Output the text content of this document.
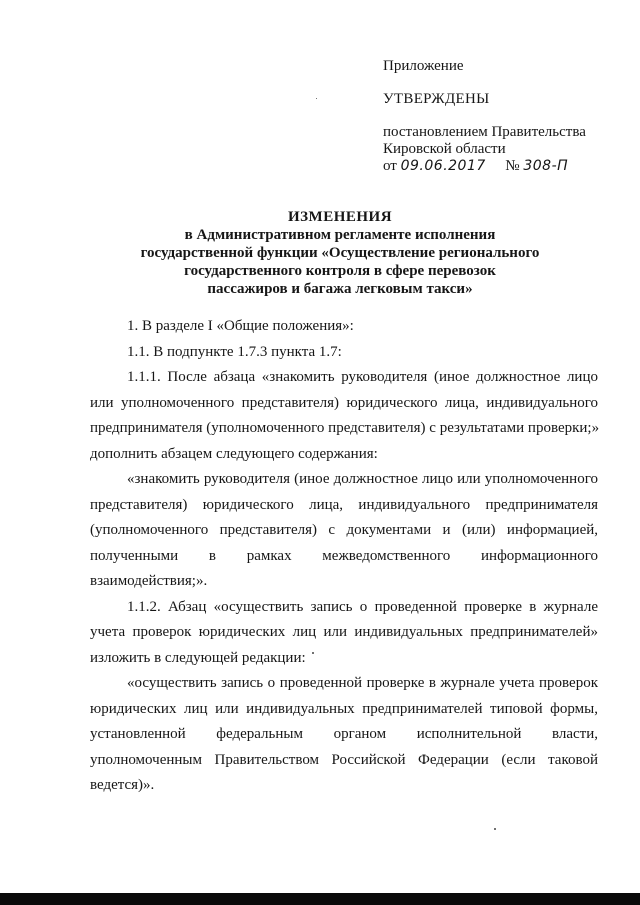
Приложение
УТВЕРЖДЕНЫ
постановлением Правительства
Кировской области
от 09.06.2017 № 308-П
ИЗМЕНЕНИЯ
в Административном регламенте исполнения
государственной функции «Осуществление регионального
государственного контроля в сфере перевозок
пассажиров и багажа легковым такси»
1. В разделе I «Общие положения»:
1.1. В подпункте 1.7.3 пункта 1.7:
1.1.1. После абзаца «знакомить руководителя (иное должностное лицо
или уполномоченного представителя) юридического лица, индивидуального
предпринимателя (уполномоченного представителя) с результатами проверки;»
дополнить абзацем следующего содержания:
«знакомить руководителя (иное должностное лицо или уполномоченного
представителя) юридического лица, индивидуального предпринимателя
(уполномоченного представителя) с документами и (или) информацией,
полученными в рамках межведомственного информационного
взаимодействия;».
1.1.2. Абзац «осуществить запись о проведенной проверке в журнале
учета проверок юридических лиц или индивидуальных предпринимателей»
изложить в следующей редакции:
«осуществить запись о проведенной проверке в журнале учета проверок
юридических лиц или индивидуальных предпринимателей типовой формы,
установленной федеральным органом исполнительной власти,
уполномоченным Правительством Российской Федерации (если таковой
ведется)».
